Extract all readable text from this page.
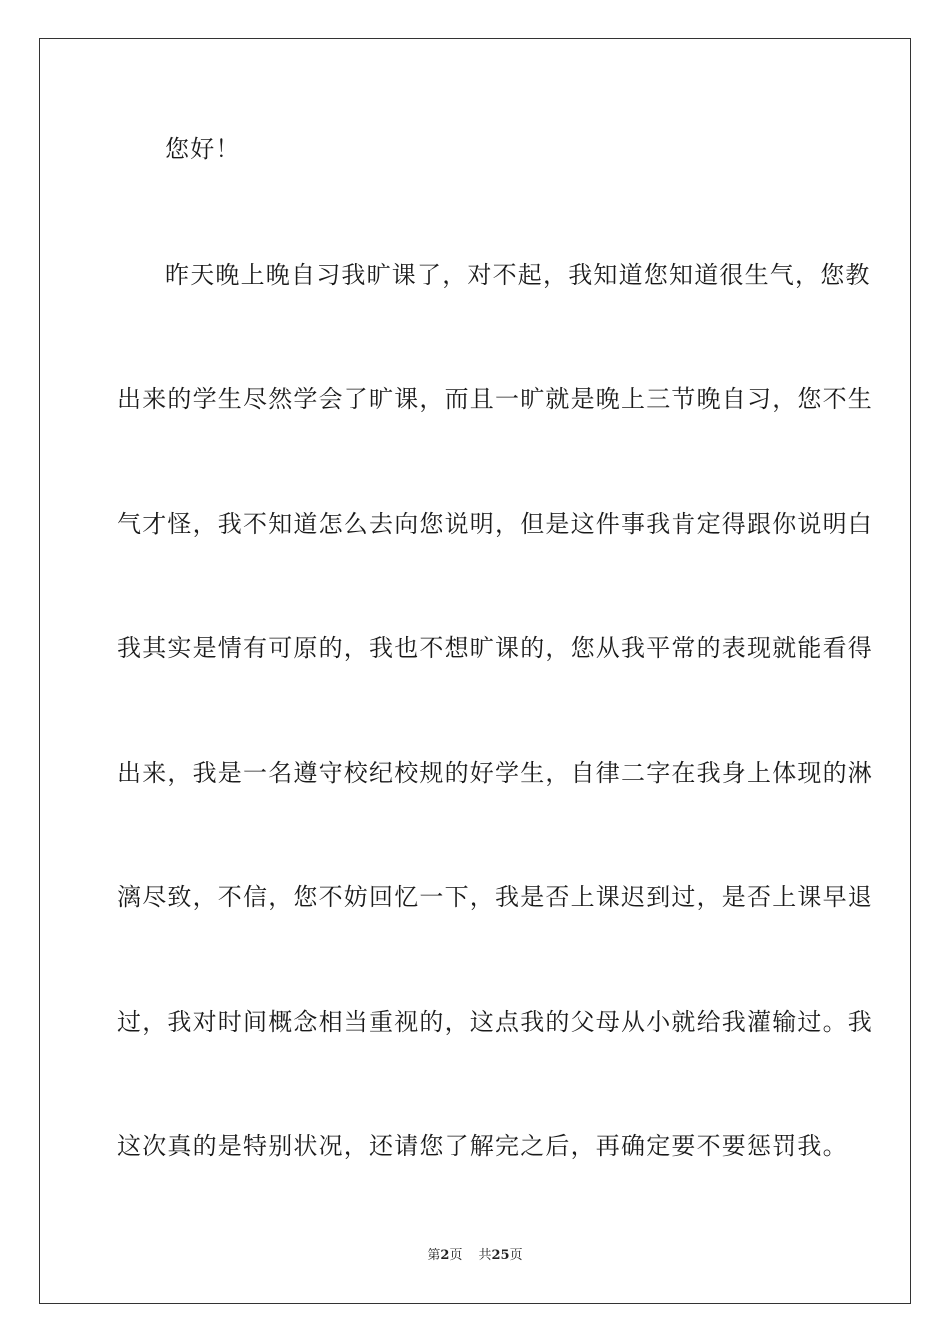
您好！
昨天晚上晚自习我旷课了，对不起，我知道您知道很生气，您教
出来的学生尽然学会了旷课，而且一旷就是晚上三节晚自习，您不生
气才怪，我不知道怎么去向您说明，但是这件事我肯定得跟你说明白
我其实是情有可原的，我也不想旷课的，您从我平常的表现就能看得
出来，我是一名遵守校纪校规的好学生，自律二字在我身上体现的淋
漓尽致，不信，您不妨回忆一下，我是否上课迟到过，是否上课早退
过，我对时间概念相当重视的，这点我的父母从小就给我灌输过。我
这次真的是特别状况，还请您了解完之后，再确定要不要惩罚我。
第2页 共25页
